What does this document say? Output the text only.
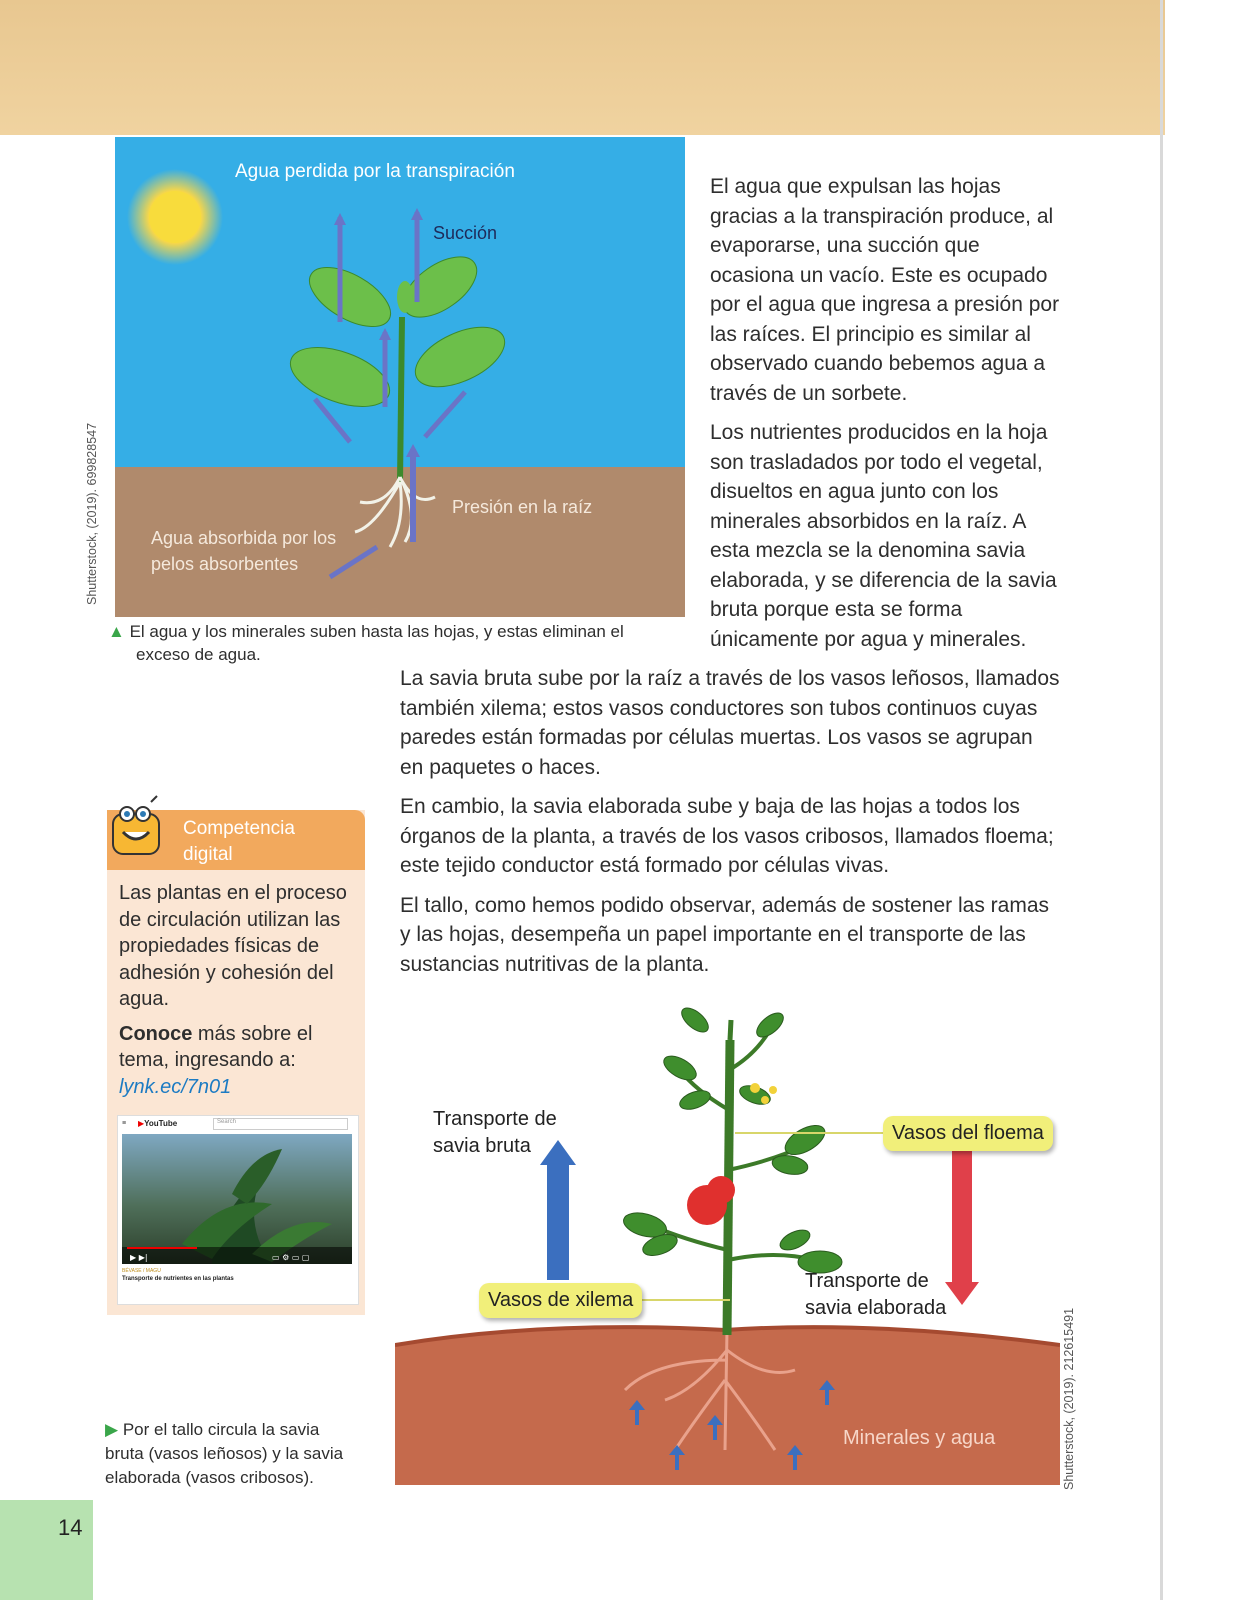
Agua perdida por la transpiración
Succión
Presión en la raíz
Agua absorbida por los
pelos absorbentes
Shutterstock, (2019). 699828547
▲ El agua y los minerales suben hasta las hojas, y estas eliminan el
exceso de agua.

El agua que expulsan las hojas gracias a la transpiración produce, al evaporarse, una succión que ocasiona un vacío. Este es ocupado por el agua que ingresa a presión por las raíces. El principio es similar al observado cuando bebemos agua a través de un sorbete.

Los nutrientes producidos en la hoja son trasladados por todo el vegetal, disueltos en agua junto con los minerales absorbidos en la raíz. A esta mezcla se la denomina savia elaborada, y se diferencia de la savia bruta porque esta se forma únicamente por agua y minerales.

La savia bruta sube por la raíz a través de los vasos leñosos, llamados también xilema; estos vasos conductores son tubos continuos cuyas paredes están formadas por células muertas. Los vasos se agrupan en paquetes o haces.

En cambio, la savia elaborada sube y baja de las hojas a todos los órganos de la planta, a través de los vasos cribosos, llamados floema; este tejido conductor está formado por células vivas.

El tallo, como hemos podido observar, además de sostener las ramas y las hojas, desempeña un papel importante en el transporte de las sustancias nutritivas de la planta.

Competencia
digital

Las plantas en el proceso de circulación utilizan las propiedades físicas de adhesión y cohesión del agua.

Conoce más sobre el tema, ingresando a:
lynk.ec/7n01

≡ ▶YouTube	Search
▶ ▶|	▭ ⚙ ▭ ▢
BÉVASE / MAGU
Transporte de nutrientes en las plantas
Transporte de
savia bruta
Vasos del floema
Vasos de xilema
Transporte de
savia elaborada
Minerales y agua	Shutterstock, (2019). 212615491
▶ Por el tallo circula la savia
bruta (vasos leñosos) y la savia
elaborada (vasos cribosos).
14
